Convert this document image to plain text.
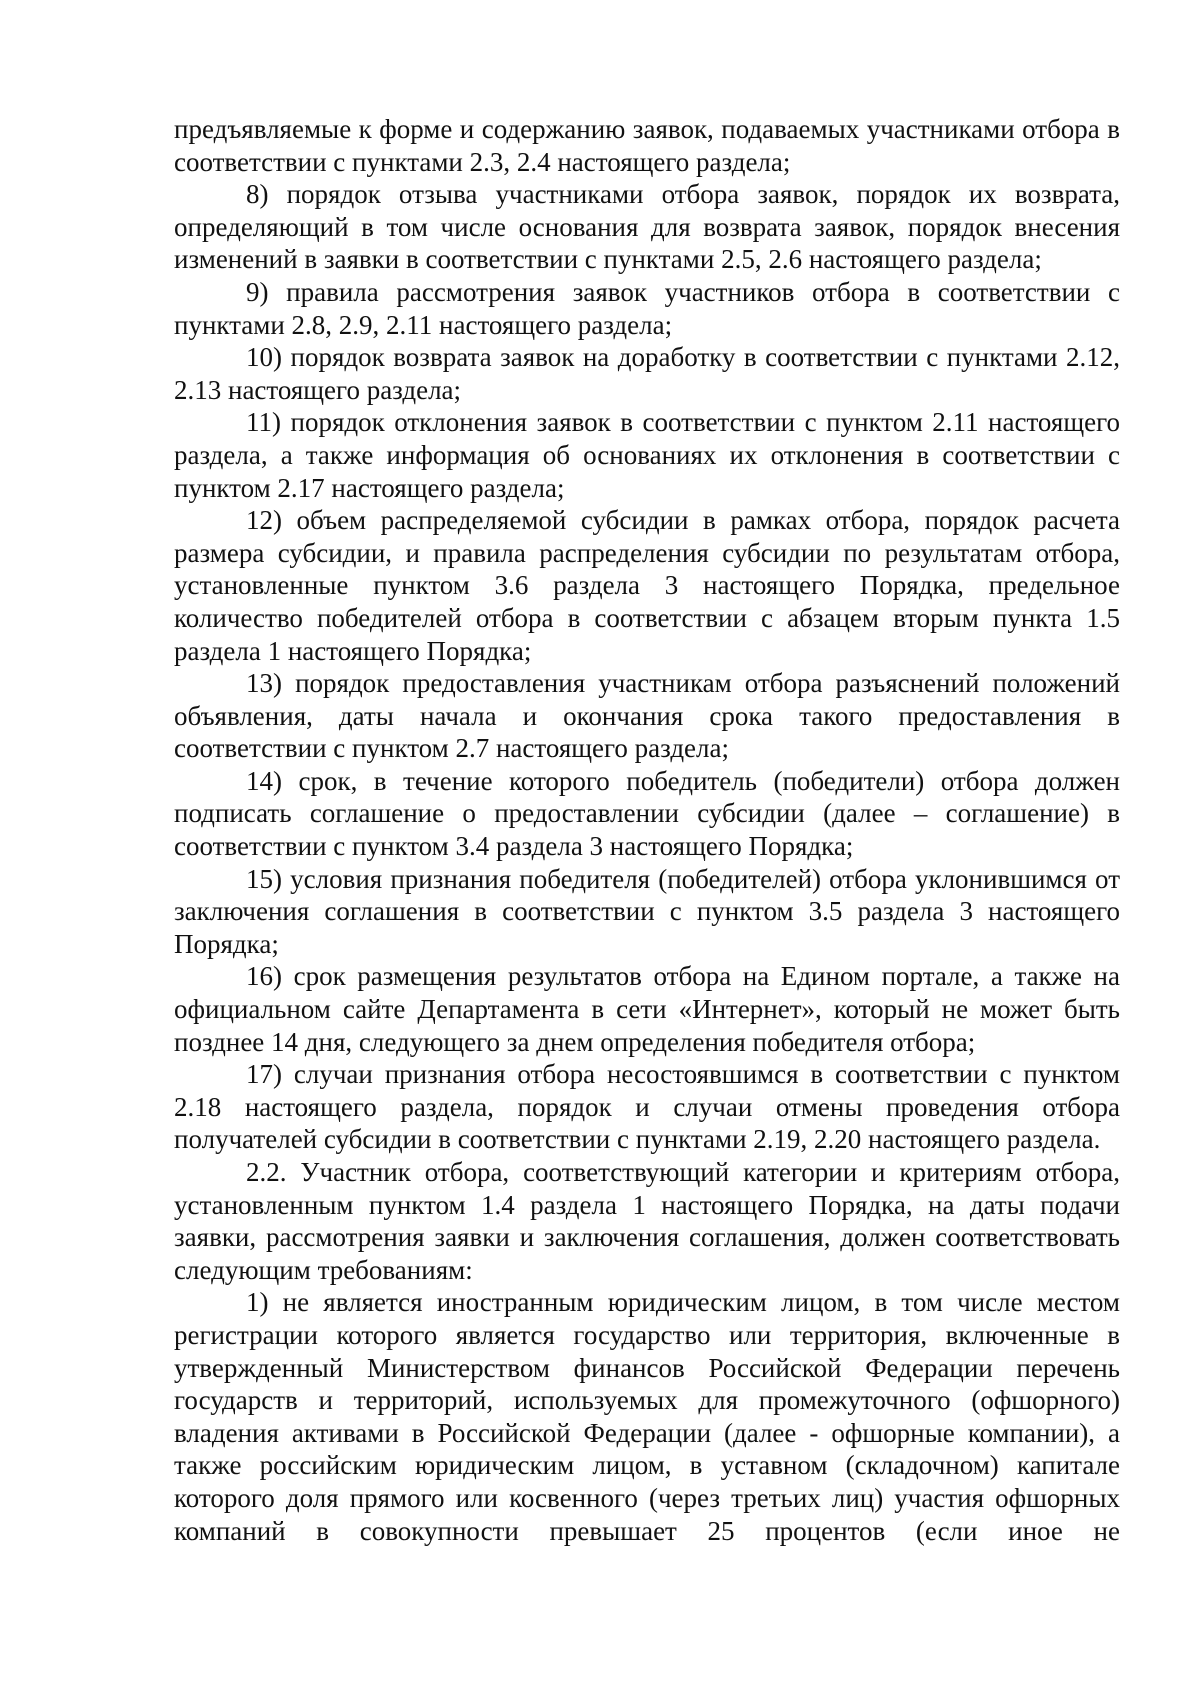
предъявляемые к форме и содержанию заявок, подаваемых участниками отбора в соответствии с пунктами 2.3, 2.4 настоящего раздела;

8) порядок отзыва участниками отбора заявок, порядок их возврата, определяющий в том числе основания для возврата заявок, порядок внесения изменений в заявки в соответствии с пунктами 2.5, 2.6 настоящего раздела;

9) правила рассмотрения заявок участников отбора в соответствии с пунктами 2.8, 2.9, 2.11 настоящего раздела;

10) порядок возврата заявок на доработку в соответствии с пунктами 2.12, 2.13 настоящего раздела;

11) порядок отклонения заявок в соответствии с пунктом 2.11 настоящего раздела, а также информация об основаниях их отклонения в соответствии с пунктом 2.17 настоящего раздела;

12) объем распределяемой субсидии в рамках отбора, порядок расчета размера субсидии, и правила распределения субсидии по результатам отбора, установленные пунктом 3.6 раздела 3 настоящего Порядка, предельное количество победителей отбора в соответствии с абзацем вторым пункта 1.5 раздела 1 настоящего Порядка;

13) порядок предоставления участникам отбора разъяснений положений объявления, даты начала и окончания срока такого предоставления в соответствии с пунктом 2.7 настоящего раздела;

14) срок, в течение которого победитель (победители) отбора должен подписать соглашение о предоставлении субсидии (далее – соглашение) в соответствии с пунктом 3.4 раздела 3 настоящего Порядка;

15) условия признания победителя (победителей) отбора уклонившимся от заключения соглашения в соответствии с пунктом 3.5 раздела 3 настоящего Порядка;

16) срок размещения результатов отбора на Едином портале, а также на официальном сайте Департамента в сети «Интернет», который не может быть позднее 14 дня, следующего за днем определения победителя отбора;

17) случаи признания отбора несостоявшимся в соответствии с пунктом 2.18 настоящего раздела, порядок и случаи отмены проведения отбора получателей субсидии в соответствии с пунктами 2.19, 2.20 настоящего раздела.

2.2. Участник отбора, соответствующий категории и критериям отбора, установленным пунктом 1.4 раздела 1 настоящего Порядка, на даты подачи заявки, рассмотрения заявки и заключения соглашения, должен соответствовать следующим требованиям:

1) не является иностранным юридическим лицом, в том числе местом регистрации которого является государство или территория, включенные в утвержденный Министерством финансов Российской Федерации перечень государств и территорий, используемых для промежуточного (офшорного) владения активами в Российской Федерации (далее - офшорные компании), а также российским юридическим лицом, в уставном (складочном) капитале которого доля прямого или косвенного (через третьих лиц) участия офшорных компаний в совокупности превышает 25 процентов (если иное не
